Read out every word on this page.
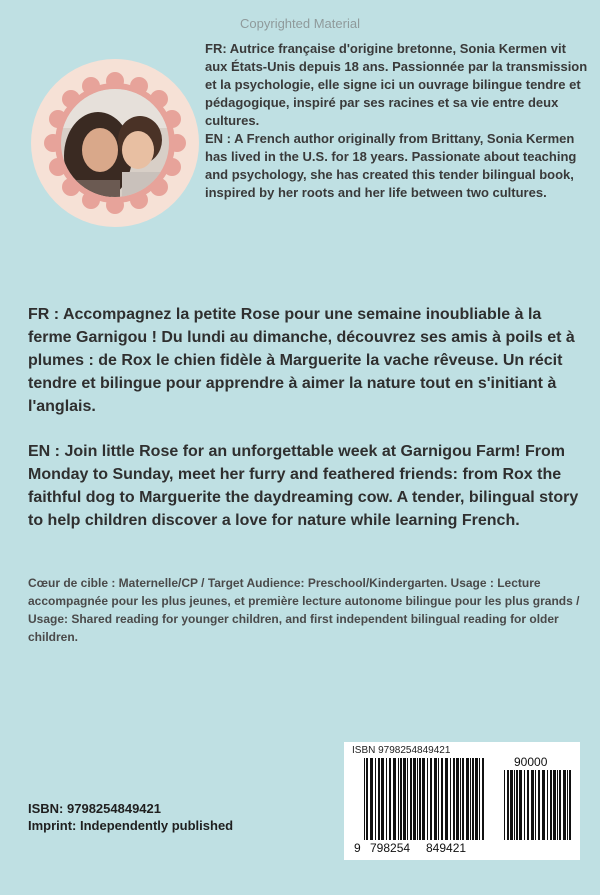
Copyrighted Material

FR: Autrice française d'origine bretonne, Sonia Kermen vit aux États-Unis depuis 18 ans. Passionnée par la transmission et la psychologie, elle signe ici un ouvrage bilingue tendre et pédagogique, inspiré par ses racines et sa vie entre deux cultures.

EN : A French author originally from Brittany, Sonia Kermen has lived in the U.S. for 18 years. Passionate about teaching and psychology, she has created this tender bilingual book, inspired by her roots and her life between two cultures.

FR : Accompagnez la petite Rose pour une semaine inoubliable à la ferme Garnigou ! Du lundi au dimanche, découvrez ses amis à poils et à plumes : de Rox le chien fidèle à Marguerite la vache rêveuse. Un récit tendre et bilingue pour apprendre à aimer la nature tout en s'initiant à l'anglais.

EN : Join little Rose for an unforgettable week at Garnigou Farm! From Monday to Sunday, meet her furry and feathered friends: from Rox the faithful dog to Marguerite the daydreaming cow. A tender, bilingual story to help children discover a love for nature while learning French.

Cœur de cible : Maternelle/CP / Target Audience: Preschool/Kindergarten. Usage : Lecture accompagnée pour les plus jeunes, et première lecture autonome bilingue pour les plus grands / Usage: Shared reading for younger children, and first independent bilingual reading for older children.

ISBN: 9798254849421
Imprint: Independently published
9 798254 849421
90000
ISBN 9798254849421
